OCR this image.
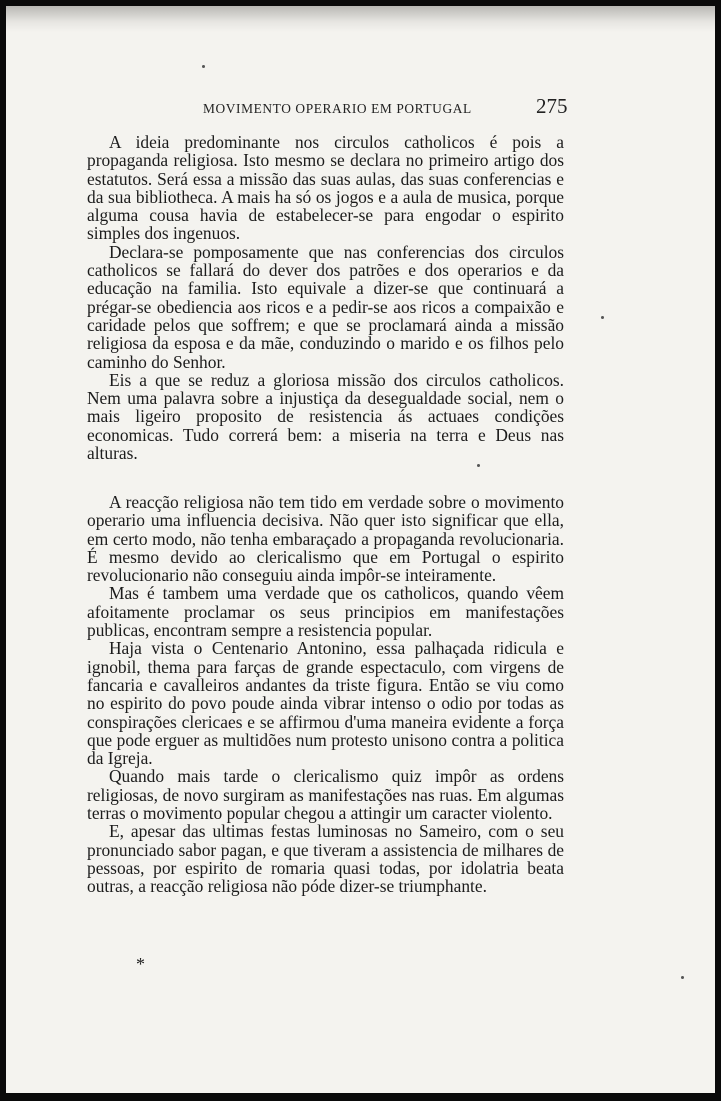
MOVIMENTO OPERARIO EM PORTUGAL	275

A ideia predominante nos circulos catholicos é pois a propaganda religiosa. Isto mesmo se declara no primeiro artigo dos estatutos. Será essa a missão das suas aulas, das suas conferencias e da sua bibliotheca. A mais ha só os jogos e a aula de musica, porque alguma cousa havia de estabelecer-se para engodar o espirito simples dos ingenuos.

Declara-se pomposamente que nas conferencias dos circulos catholicos se fallará do dever dos patrões e dos operarios e da educação na familia. Isto equivale a dizer-se que continuará a prégar-se obediencia aos ricos e a pedir-se aos ricos a compaixão e caridade pelos que soffrem; e que se proclamará ainda a missão religiosa da esposa e da mãe, conduzindo o marido e os filhos pelo caminho do Senhor.

Eis a que se reduz a gloriosa missão dos circulos catholicos. Nem uma palavra sobre a injustiça da desegualdade social, nem o mais ligeiro proposito de resistencia ás actuaes condições economicas. Tudo correrá bem: a miseria na terra e Deus nas alturas.

A reacção religiosa não tem tido em verdade sobre o movimento operario uma influencia decisiva. Não quer isto significar que ella, em certo modo, não tenha embaraçado a propaganda revolucionaria. É mesmo devido ao clericalismo que em Portugal o espirito revolucionario não conseguiu ainda impôr-se inteiramente.

Mas é tambem uma verdade que os catholicos, quando vêem afoitamente proclamar os seus principios em manifestações publicas, encontram sempre a resistencia popular.

Haja vista o Centenario Antonino, essa palhaçada ridicula e ignobil, thema para farças de grande espectaculo, com virgens de fancaria e cavalleiros andantes da triste figura. Então se viu como no espirito do povo poude ainda vibrar intenso o odio por todas as conspirações clericaes e se affirmou d'uma maneira evidente a força que pode erguer as multidões num protesto unisono contra a politica da Igreja.

Quando mais tarde o clericalismo quiz impôr as ordens religiosas, de novo surgiram as manifestações nas ruas. Em algumas terras o movimento popular chegou a attingir um caracter violento.

E, apesar das ultimas festas luminosas no Sameiro, com o seu pronunciado sabor pagan, e que tiveram a assistencia de milhares de pessoas, por espirito de romaria quasi todas, por idolatria beata outras, a reacção religiosa não póde dizer-se triumphante.

*
